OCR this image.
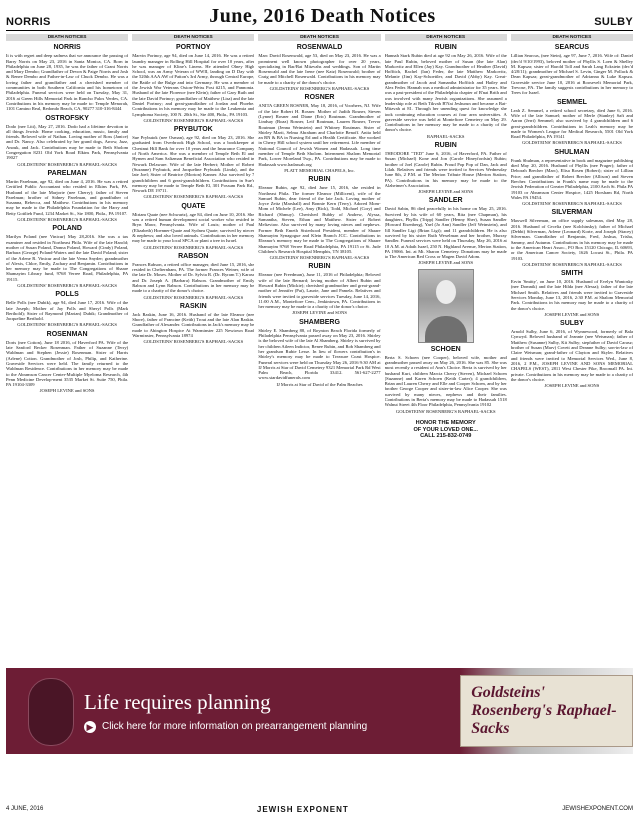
NORRIS	June, 2016 Death Notices	SULBY
DEATH NOTICES
NORRIS
It is with regret and deep sadness that we announce the passing of Barry Norris on May 23, 2016 in Santa Monica, CA. Born in Philadelphia on June 28, 1935, he was the father of Grant Norris and Mary Dembo; Grandfather of Devon & Paige Norris and Josh & Renee Dembo and Father-in-Law of Chuck Dembo. He was a loving father and grandfather and a cherished member of communities in both Southern California and his hometown of Philadelphia. Funeral services were held on Tuesday, May 31, 2016 at Green Hills Memorial Park in Rancho Palos Verdes, CA. Contributions in his memory may be made to: Temple Menorah, 1101 Camino Real, Redondo Beach, CA, 90277 310-316-8444
OSTROFSKY
Dodo (nee Litt), May 27, 2016. Dodo had a lifetime devotion to all things Jewish: Home cooking, education, music, family and friends. Beloved wife of Nathan. Loving mother of Ross (Janice) and Dr. Nancy. Also celebrated by her grand dogs, Arrow, Jazz, Anouk, and Jack. Contributions may be made to Beth Sholom Congregation 8231 Old York Road Elkins Park, Pennsylvania 19027
GOLDSTEINS' ROSENBERG'S RAPHAEL-SACKS
PARELMAN
Martin Parelman, age 92, died on June 4, 2016. He was a retired Certified Public Accountant who resided in Elkins Park, PA. Husband of the late Marjorie (nee Cherry); father of Steven Parelman; brother of Sidney Parelman, and grandfather of Susanna, Rebecca, and Matthew. Contributions in his memory may be made to the Philadelphia Foundation for the Harry and Betty Gottlieb Fund, 1234 Market St., Ste 1800, Phila., PA 19107.
GOLDSTEINS' ROSENBERG'S RAPHAEL-SACKS
POLAND
Marilyn Poland (nee Vinicur) May 28,2016. She was a tax examiner and resided in Northeast Phila. Wife of the late Harold; mother of Susan Poland, Donna Poland, Howard (Cindy) Poland, Barbara (George) Poland-Waters and the late David Poland; sister of the Arlene R. Vinicur and the late Verna Snyder; grandmother of Alexis, Chloe, Emily, Zachary and Benjamin. Contributions in her memory may be made to The Congregations of Shaare Shamayim Library fund, 9768 Verree Road, Philadelphia, PA 19115.
GOLDSTEINS' ROSENBERG'S RAPHAEL-SACKS
POLLS
Belle Polls (nee Dubik), age 94, died June 17, 2016. Wife of the late Joseph; Mother of Jay Polls and Sheryl Polls (Mark Berthold); Sister of Raymond (Marian) Dubik; Grandmother of Jacqueline Berthold.
GOLDSTEINS' ROSENBERG'S RAPHAEL-SACKS
ROSENMAN
Doris (nee Cotton), June 18 2016, of Haverford PA. Wife of the late Sanford Becker Rosenman. Father of Suzanne (Terry) Waldman and Stephen (Jessie) Rosenman. Sister of Harris (Arlene) Cotton. Grandmother of Josh, Philip, and Katherine. Graveside Services were held. The family returned to the Waldman Residence. Contributions in her memory may be made to the Abramson Cancer Center-Multiple Myeloma Research, 4th Penn Medicine Develop-ment 3535 Market St. Suite 750, Phila. PA 19104-3309
JOSEPH LEVINE and SONS
DEATH NOTICES
PORTNOY
Marvin Portnoy, age 94, died on June 14, 2016. He was a retired laundry manager in Rolling Hill Hospital for over 10 years, after he was manager of Kline's Linens. He attended Olney High School, was an Army Veteran of WWII, landing on D Day with the 520th AAA AW of Patton's 3rd Army, through Central Europe, the Battle of the Bulge and into Germany. He was a member of the Jewish War Veterans Oxion-Weiss Post #215, and Pannonia. Husband of the late Florence (nee Klein); father of Gary Ruth and the late David Portnoy; grandfather of Matthew (Lisa) and the late Daniel Portnoy; and great-grandfather of Jordan and Phoebe. Contributions in his memory may be made to the Leukemia and Lymphoma Society, 100 N. 20th St., Ste 400, Phila., PA 19103.
GOLDSTEINS' ROSENBERG'S RAPHAEL-SACKS
PRYBUTOK
Sue Prybutok (nee Osman), age 92, died on May 23, 2016. She graduated from Overbrook High School, was a bookkeeper at Chestnut Hill Bank for over 10 years and the Insurance Company of North America. She was a member of Temple Beth El and Hymen and Sam Saltzman Beneficial Association who resided in Newark Delaware. Wife of the late Herbert; Mother of Robert (Suzanne) Prybutok, and Jacqueline Prybutok (Linda), and the late Joel; Sister of Beatrice (Morton) Kanner. Also survived by 7 grandchildren and 6 great-grandchildren. Contributions in Sue's memory may be made to Temple Beth El, 301 Possum Park Rd., Newark DE 19711.
GOLDSTEINS' ROSENBERG'S RAPHAEL-SACKS
QUATE
Miriam Quate (nee Schwartz), age 84, died on June 10, 2016. She was a retired human development social worker who resided in Bryn Mawr, Pennsylvania. Wife of Louis; mother of Paul (Elizabeth) Hoenner-Quate and Sydnea Quate; survived by nieces & nephews; and also loved animals. Contributions in her memory may be made to your local SPCA or plant a tree in Israel.
GOLDSTEINS' ROSENBERG'S RAPHAEL-SACKS
RABSON
Frances Rabson, a retired office manager, died June 15, 2016, she resided in Chelternham, PA. The former Frances Weiner, wife of the late Dr. Moses. Mother of Dr. Sylvia R. (Dr. Byram T.) Karass and Dr. Joseph A. (Barbara) Rabson. Grandmother of Emily Rabson and Lynn Rabson. Contributions in her memory may be made to a charity of the donor's choice.
GOLDSTEINS' ROSENBERG'S RAPHAEL-SACKS
RASKIN
Jack Raskin, June 16, 2016. Husband of the late Eleanor (nee Shore), father of Francine (Keith) Trout and the late Alan Raskin. Grandfather of Alexander. Contributions in Jack's memory may be made to Abington Hospice At Warminster 225 Newtown Road Warminster, Pennsylvania 18974
GOLDSTEINS' ROSENBERG'S RAPHAEL-SACKS
DEATH NOTICES
ROSENWALD
Marc David Rosenwald, age 53, died on May 23, 2016. He was a prominent well known photographer for over 20 years, specializing in Bar/Bat Mitzvahs and weddings. Son of Martin Rosenwald and the late Irene (nee Katz) Rosenwald; brother of Craig and Mitchell Rosenwald. Contributions in his memory may be made to a charity of the donor's choice.
GOLDSTEINS' ROSENBERG'S RAPHAEL-SACKS
ROSNER
ANITA GREEN ROSNER, May 18, 2016, of Voorhees, NJ. Wife of the late Robert H. Rosner. Mother of Judith Rosner, Steven (Lynne) Rosner and Diane (Eric) Routman. Grandmother of Lindsay (Boaz) Rosner, Leif Routman, Lauren Rosner, Trevor Routman (Jenna Weinstein) and Whitney Routman. Sister of Shirley Marti, Selma Abraham and Charlotte Benoff. Anita held an RN & BA in Nursing Ed and a Health Certificate. She worked in Cherry Hill school system until her retirement. Life member of National Council of Jewish Women and Hadassah. Long time member of Temple Beth Sholom. Internment Shalom Memorial Park, Lower Moreland Twp., PA. Contributions may be made to Hadassah www.hadassah.org
PLATT MEMORIAL CHAPELS, Inc.
RUBIN
Eleanor Rubin, age 92, died June 15, 2016, she resided in Northeast Phila. The former Eleanor (Millicent), wife of the Samuel Rubin, dear friend of the late Jack. Loving mother of Joyce Zeitz (Marshall) and Bonnie Kern (Terry). Adored Mom-Mom of Michele (Lee), Amy (Rick), Todd, Michael (Cory) and Richard (Shmuy). Cherished Bubby of Andrew, Alyssa, Samantha, Steven, Ethan and Matthew. Sister of Robert Meltzviaw. Also survived by many loving nieces and nephews. Former Beth Emeth Sisterhood President, member of Shaare Shamayim Synagogue and Klein Branch JCC. Contributions in Eleanor's memory may be made to The Congregations of Shaare Shamayim 9768 Verree Road Philadelphia, PA 19115 or St. Jude Children's Research Hospital Memphis, TN 38105.
GOLDSTEINS' ROSENBERG'S RAPHAEL-SACKS
RUBIN
Eleanor (nee Freedman), June 11, 2016 of Philadelphia; Beloved wife of the late Bernard; loving mother of Albert Rubin and Howard Rubin (Mickie); cherished grandmother and great-grand-mother of Jennifer (Pat), Laurie, Jane and Pamela. Relatives and friends were invited to graveside services Tuesday, June 14, 2016, 11:00 A.M., Montefiore Cem., Jenkintown, PA. Contributions in her memory may be made to a charity of the donor's choice.
JOSEPH LEVINE and SONS
SHAMBERG
Shirley E. Shamberg 88, of Boynton Beach Florida formerly of Philadelphia Pennsylvania passed away on May 23, 2016. Shirley is the beloved wife of the late Al Shamberg. Shirley is survived by her children Aileen Indictor, Renee Rubin, and Rob Shamberg and her grandson Rubie Lesse. In lieu of flowers contribution's in Shirley's memory may be made to Treasure Coast Hospice. Funeral services were held on Thursday May 26, 2016 9:30 AM at IJ Morris at Star of David Cemetery 9321 Memorial Park Rd West Palm Beach, Florida 33412. 561-627-2277 www.stardavidfunerals.com
IJ Morris at Star of David of the Palm Beaches
DEATH NOTICES
RUBIN
Hannah Stark Rubin died at age 92 on May 26, 2016. Wife of the late Paul Rubin, beloved mother of Susan (the late Alan) Markovitz and Ellen (Jay) Kay. Grandmother of Heather (David) Hoffitch, Rachel (Ian) Feder, the late Matthew Markovitz, Melanie (Jim) Kay-Schoettler, and David (Abby) Kay. Great-grandmother of Jacob and Samantha Hoffitch and Hailey and Alex Feder. Hannah was a medical administrator for 35 years. She was a past-president of the Philadelphia chapter of B'nai Brith and was involved with many Jewish organizations. She assumed a leadership role at Beth Tikvah B'Nai Jeshurun and became a Bat-Mitzvah at 81. Through her unending quest for knowledge she took continuing education courses at four area universities. A graveside service was held at Montefiore Cemetery on May 29. Contributions in her memory may be made to a charity of the donor's choice.
RAPHAEL-SACKS
RUBIN
THEODORE "TED" June 6, 2016, of Haverford, PA. Father of Susan (Michael) Kone and Jon (Carole Hineyfordsin) Rubin; brother of Joel (Carole) Rubin. Proud Pop Pop of Dan, Jack and Lilah. Relatives and friends were invited to Services Wednesday June 8th, 2 P.M. at The Merion Tribute House (Merion Station, PA). Contributions in his memory may be made to the Alzheimer's Association.
JOSEPH LEVINE and SONS
SANDLER
David Sabin, 86 died peacefully in his home on May 25, 2016. Survived by his wife of 60 years, Rita (nee Chapman), his daughters, Phyllis (Tripp) Sandler (Henny Sher), Susan Sandler (Howard Eisenberg), Yael (Jo Ann) Sandler (Jeff Weinstein), and Jill Sandler Ligi (Brian Ligi); and 11 grandchildren. He is also survived by his sister Ruth Wexelman and her brother, Murray Sandler. Funeral services were held on Thursday, May 26, 2016 at 10 A.M. at Adath Israel, 250 N. Highland Avenue, Merion Station, PA 19066. Int. at Mt. Sharon Cemetery. Donations may be made to The American Red Cross or Magen David Adom.
JOSEPH LEVINE and SONS
SCHOEN
Berta S. Schoen (nee Cooper), beloved wife, mother and grandmother passed away on May 26, 2016. She was 85. She was most recently a resident of Ann's Choice. Berta is survived by her husband Kurt, children Marcia Cherry (Steven), Michael Schoen (Suzanne) and Karen Schoen (Keith Carter); 4 grandchildren, Brian and Lauren Cherry and Elle and Cooper Schoen, and by her brother George Cooper and sister-in-law Alice Cooper. She was survived by many nieces, nephews and their families. Contributions in Berta's memory may be made to Hadassah 1518 Walnut Street 4th Floor Philadelphia, Pennsylvania 19102
GOLDSTEINS' ROSENBERG'S RAPHAEL-SACKS
HONOR THE MEMORY
OF YOUR LOVED ONE...
CALL 215-832-0749
DEATH NOTICES
SEARCUS
Lillian Searcus, (nee Stein), age 97, June 7, 2016. Wife of: Daniel (dec'd 9/10/1993), beloved mother of Phyllis S. Loen & Shelley M. Kapsza; sister of Harold Toll and Sarah Lang Eckstein (dec'd 4/28/11); grandmother of Michael S. Levin, Ginger M. Pollack & Dean Kapsza; great-grandmother of Adrianna & Luke Kapsza. Graveside service June 10, 2016 at Roosevelt Memorial Park, Trevose, PA. The family suggests contributions in her memory to Trees for Israel.
SEMMEL
Leah Z. Semmel, a retired school secretary, died June 6, 2016. Wife of the late Samuel; mother of Merle (Stanley) Saft and Aaron (Jerri) Semmel; also survived by 4 grandchildren and 6 great-grandchildren. Contributions in Leah's memory may be made to Women's League for Medical Research, 5501 Old York Road Philadelphia, PA 19141
GOLDSTEINS' ROSENBERG'S RAPHAEL-SACKS
SHULMAN
Frank Shulman, a representative in book and magazine publishing died May 20, 2016. Husband of Phyllis (nee Prager); father of Deborah Brecher (Marc), Elisa Rosen (Robert); sister of Lillian Price; and grandfather of Robert Brecher (Allison) and Steven Brecher. Contributions in Frank's name may be made to the Jewish Federation of Greater Philadelphia, 2100 Arch St. Phila PA 19103 or Abramson Center Hospice, 1425 Horsham Rd, North Wales PA 19454.
GOLDSTEINS' ROSENBERG'S RAPHAEL-SACKS
SILVERMAN
Maxwell Silverman, an office supply salesman, died May 28, 2016. Husband of Cecelia (nee Kolchinsky); father of Michael (Debbi) Silverman, Arlene (Leonard) Korte, and Joseph (Stacey) Silverman. Grandfather of Benjamin, Fred, Joshua, Trisha, Sammy, and Autumn. Contributions in his memory may be made to the American Heart Assoc., PO Box 15120 Chicago, IL 60693, or the American Cancer Society, 1626 Locust St., Phila. PA 19103.
GOLDSTEINS' ROSENBERG'S RAPHAEL-SACKS
SMITH
Ervin 'Smitty', on June 10, 2016. Husband of Evelyn Wantosky (nee Domnik) and the late Hilda (nee Alessa); father of the late Michael Smith. Relatives and friends were invited to Graveside Services Monday, June 13, 2016, 2:30 P.M. at Shalom Memorial Park. Contributions in his memory may be made to a charity of the donor's choice.
JOSEPH LEVINE and SONS
SULBY
Arnold Sulby, June 6, 2016, of Wynnewood, formerly of Bala Cynwyd. Beloved husband of Jeannie (nee Weisman); father of Matthew (Susanne) Sulby, Kit Sulby; stepfather of David Carasz; brother of Susan (Marv) Covett and Deanne Sulby; son-in-law of Claire Weisman; grand-father of Clayton and Skyler. Relatives and friends were invited to Memorial Services Wed., June 8, 2016, 2 P.M., JOSEPH LEVINE AND SONS MEMORIAL CHAPELS (WEST), 2811 West Chester Pike, Broomall PA. Int. private. Contributions in his memory may be made to a charity of the donor's choice.
JOSEPH LEVINE and SONS
Life requires planning
▶ Click here for more information on prearrangement planning
Goldsteins' Rosenberg's Raphael-Sacks
4 JUNE, 2016	JEWISH EXPONENT	JEWISHEXPONENT.COM
